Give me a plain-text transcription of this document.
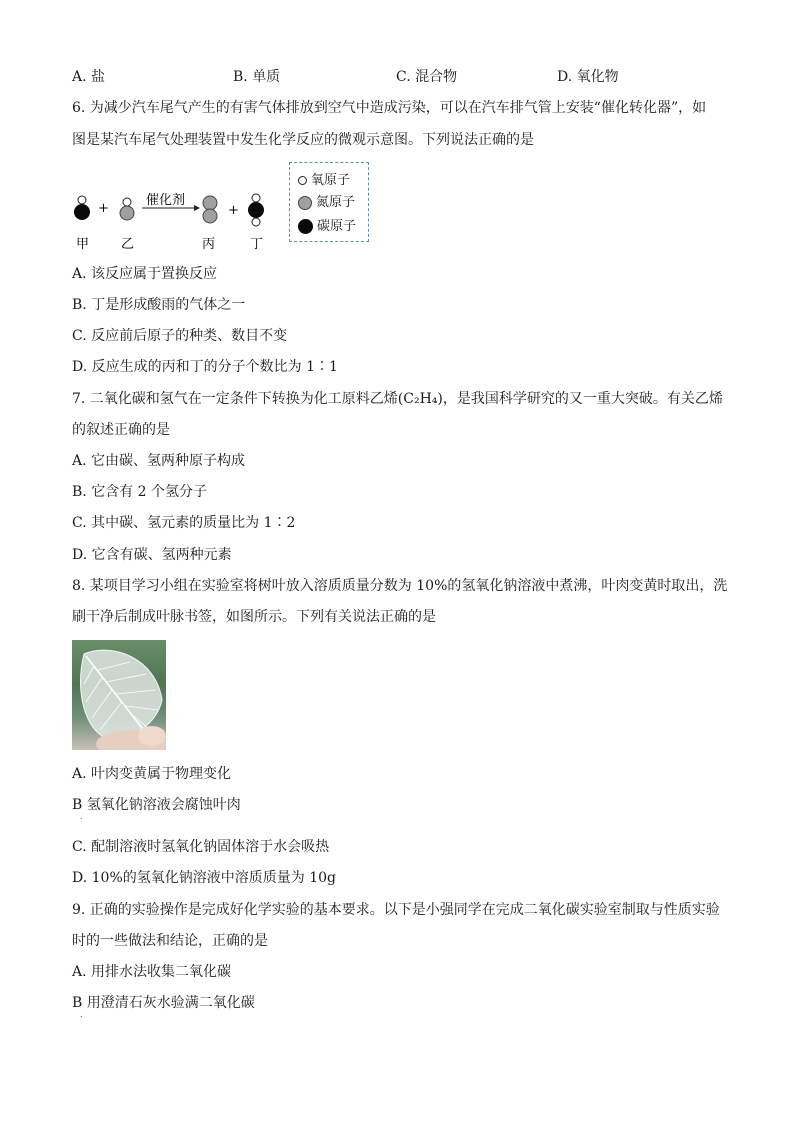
A. 盐	B. 单质	C. 混合物	D. 氧化物
6. 为减少汽车尾气产生的有害气体排放到空气中造成污染，可以在汽车排气管上安装“催化转化器”，如
图是某汽车尾气处理装置中发生化学反应的微观示意图。下列说法正确的是
+
催化剂
+
甲 乙	丙	丁
氧原子
氮原子
碳原子
A. 该反应属于置换反应
B. 丁是形成酸雨的气体之一
C. 反应前后原子的种类、数目不变
D. 反应生成的丙和丁的分子个数比为 1∶1
7. 二氧化碳和氢气在一定条件下转换为化工原料乙烯(C₂H₄)，是我国科学研究的又一重大突破。有关乙烯
的叙述正确的是
A. 它由碳、氢两种原子构成
B. 它含有 2 个氢分子
C. 其中碳、氢元素的质量比为 1∶2
D. 它含有碳、氢两种元素
8. 某项目学习小组在实验室将树叶放入溶质质量分数为 10%的氢氧化钠溶液中煮沸，叶肉变黄时取出，洗
刷干净后制成叶脉书签，如图所示。下列有关说法正确的是
A. 叶肉变黄属于物理变化
B 氢氧化钠溶液会腐蚀叶肉
.
C. 配制溶液时氢氧化钠固体溶于水会吸热
D. 10%的氢氧化钠溶液中溶质质量为 10g
9. 正确的实验操作是完成好化学实验的基本要求。以下是小强同学在完成二氧化碳实验室制取与性质实验
时的一些做法和结论，正确的是
A. 用排水法收集二氧化碳
B 用澄清石灰水验满二氧化碳
.
